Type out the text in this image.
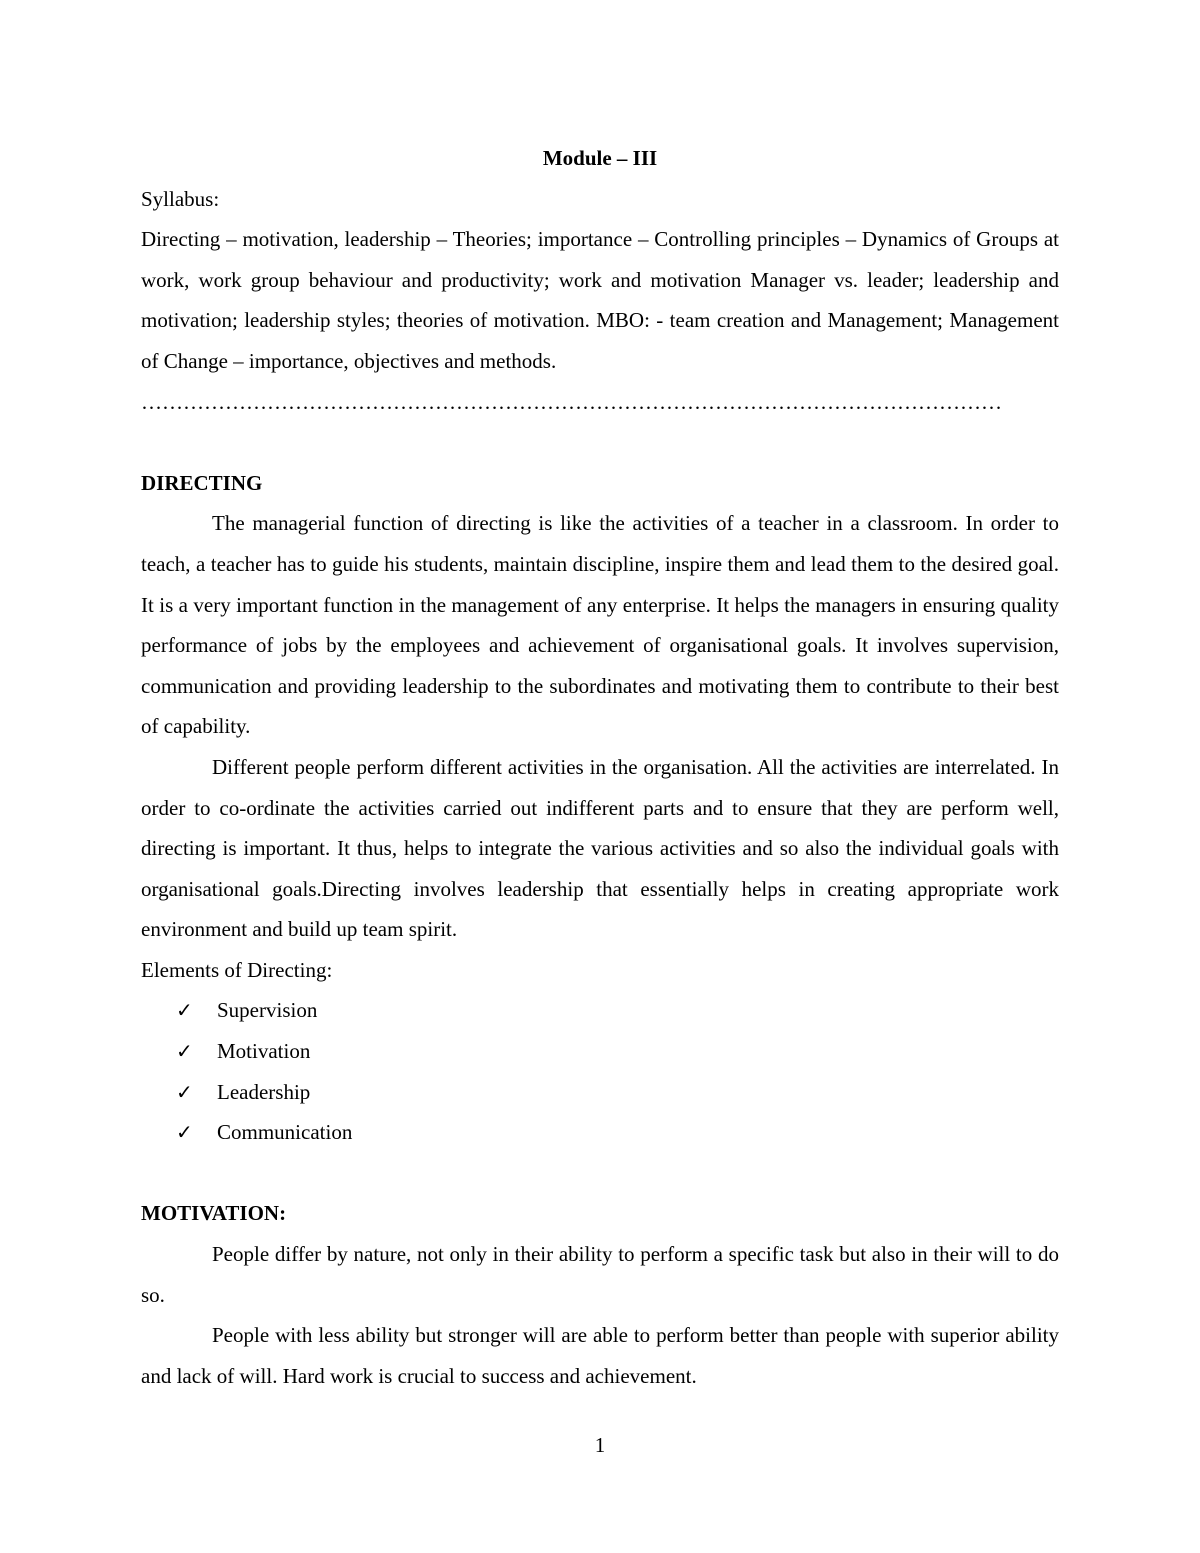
Module – III

Syllabus:

Directing – motivation, leadership – Theories; importance – Controlling principles – Dynamics of Groups at work, work group behaviour and productivity; work and motivation Manager vs. leader; leadership and motivation; leadership styles; theories of motivation. MBO: - team creation and Management; Management of Change – importance, objectives and methods.

……………………………………………………………………………………………………………

DIRECTING

The managerial function of directing is like the activities of a teacher in a classroom. In order to teach, a teacher has to guide his students, maintain discipline, inspire them and lead them to the desired goal. It is a very important function in the management of any enterprise. It helps the managers in ensuring quality performance of jobs by the employees and achievement of organisational goals. It involves supervision, communication and providing leadership to the subordinates and motivating them to contribute to their best of capability.

Different people perform different activities in the organisation. All the activities are interrelated. In order to co-ordinate the activities carried out indifferent parts and to ensure that they are perform well, directing is important. It thus, helps to integrate the various activities and so also the individual goals with organisational goals.Directing involves leadership that essentially helps in creating appropriate work environment and build up team spirit.

Elements of Directing:

✓ Supervision
✓ Motivation
✓ Leadership
✓ Communication

MOTIVATION:

People differ by nature, not only in their ability to perform a specific task but also in their will to do so.

People with less ability but stronger will are able to perform better than people with superior ability and lack of will. Hard work is crucial to success and achievement.

1
